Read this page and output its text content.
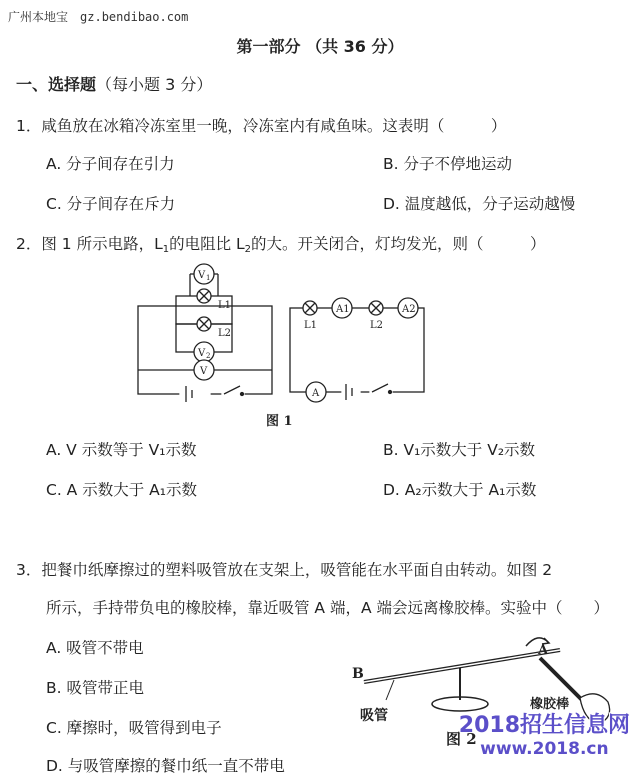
广州本地宝 gz.bendibao.com
第一部分 （共 36 分）
一、选择题（每小题 3 分）
1．咸鱼放在冰箱冷冻室里一晚，冷冻室内有咸鱼味。这表明（　　　）
A. 分子间存在引力	B. 分子不停地运动
C. 分子间存在斥力	D. 温度越低，分子运动越慢
2．图 1 所示电路，$L_1$的电阻比 $L_2$的大。开关闭合，灯均发光，则（　　　）
V 1
L1
L2
V 2
V
L1
A1
L2
A2
A
图 1
A. V 示数等于 V₁示数	B. V₁示数大于 V₂示数
C. A 示数大于 A₁示数	D. A₂示数大于 A₁示数
3．把餐巾纸摩擦过的塑料吸管放在支架上，吸管能在水平面自由转动。如图 2
所示，手持带负电的橡胶棒，靠近吸管 A 端，A 端会远离橡胶棒。实验中（　　）
A. 吸管不带电
B. 吸管带正电
C. 摩擦时，吸管得到电子
D. 与吸管摩擦的餐巾纸一直不带电
B
A
吸管
橡胶棒
图 2
2018招生信息网
www.2018.cn
